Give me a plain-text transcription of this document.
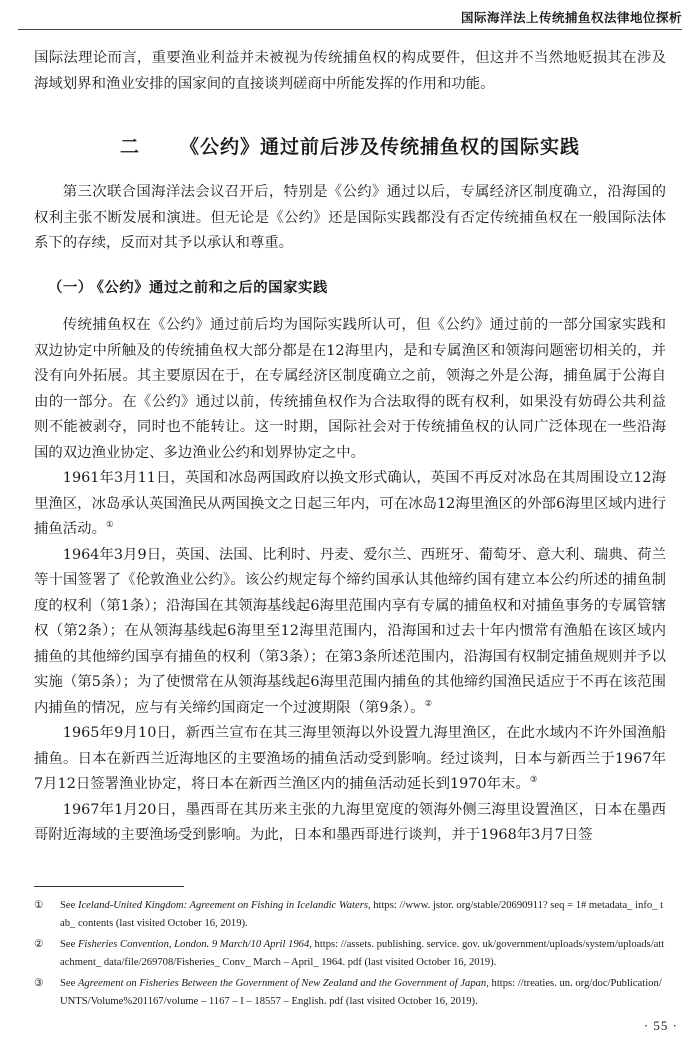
国际海洋法上传统捕鱼权法律地位探析

国际法理论而言，重要渔业利益并未被视为传统捕鱼权的构成要件，但这并不当然地贬损其在涉及海域划界和渔业安排的国家间的直接谈判磋商中所能发挥的作用和功能。

二 《公约》通过前后涉及传统捕鱼权的国际实践

第三次联合国海洋法会议召开后，特别是《公约》通过以后，专属经济区制度确立，沿海国的权利主张不断发展和演进。但无论是《公约》还是国际实践都没有否定传统捕鱼权在一般国际法体系下的存续，反而对其予以承认和尊重。

（一） 《公约》通过之前和之后的国家实践

传统捕鱼权在《公约》通过前后均为国际实践所认可，但《公约》通过前的一部分国家实践和双边协定中所触及的传统捕鱼权大部分都是在12海里内，是和专属渔区和领海问题密切相关的，并没有向外拓展。其主要原因在于，在专属经济区制度确立之前，领海之外是公海，捕鱼属于公海自由的一部分。在《公约》通过以前，传统捕鱼权作为合法取得的既有权利，如果没有妨碍公共利益则不能被剥夺，同时也不能转让。这一时期，国际社会对于传统捕鱼权的认同广泛体现在一些沿海国的双边渔业协定、多边渔业公约和划界协定之中。

1961年3月11日，英国和冰岛两国政府以换文形式确认，英国不再反对冰岛在其周围设立12海里渔区，冰岛承认英国渔民从两国换文之日起三年内，可在冰岛12海里渔区的外部6海里区域内进行捕鱼活动。①

1964年3月9日，英国、法国、比利时、丹麦、爱尔兰、西班牙、葡萄牙、意大利、瑞典、荷兰等十国签署了《伦敦渔业公约》。该公约规定每个缔约国承认其他缔约国有建立本公约所述的捕鱼制度的权利（第1条）；沿海国在其领海基线起6海里范围内享有专属的捕鱼权和对捕鱼事务的专属管辖权（第2条）；在从领海基线起6海里至12海里范围内，沿海国和过去十年内惯常有渔船在该区域内捕鱼的其他缔约国享有捕鱼的权利（第3条）；在第3条所述范围内，沿海国有权制定捕鱼规则并予以实施（第5条）；为了使惯常在从领海基线起6海里范围内捕鱼的其他缔约国渔民适应于不再在该范围内捕鱼的情况，应与有关缔约国商定一个过渡期限（第9条）。②

1965年9月10日，新西兰宣布在其三海里领海以外设置九海里渔区，在此水域内不许外国渔船捕鱼。日本在新西兰近海地区的主要渔场的捕鱼活动受到影响。经过谈判，日本与新西兰于1967年7月12日签署渔业协定，将日本在新西兰渔区内的捕鱼活动延长到1970年末。③

1967年1月20日，墨西哥在其历来主张的九海里宽度的领海外侧三海里设置渔区，日本在墨西哥附近海域的主要渔场受到影响。为此，日本和墨西哥进行谈判，并于1968年3月7日签

① See Iceland-United Kingdom: Agreement on Fishing in Icelandic Waters, https: //www. jstor. org/stable/20690911? seq = 1# metadata_ info_ tab_ contents (last visited October 16, 2019).

② See Fisheries Convention, London. 9 March/10 April 1964, https: //assets. publishing. service. gov. uk/government/uploads/system/uploads/attachment_ data/file/269708/Fisheries_ Conv_ March – April_ 1964. pdf (last visited October 16, 2019).

③ See Agreement on Fisheries Between the Government of New Zealand and the Government of Japan, https: //treaties. un. org/doc/Publication/UNTS/Volume%201167/volume – 1167 – I – 18557 – English. pdf (last visited October 16, 2019).

· 55 ·
